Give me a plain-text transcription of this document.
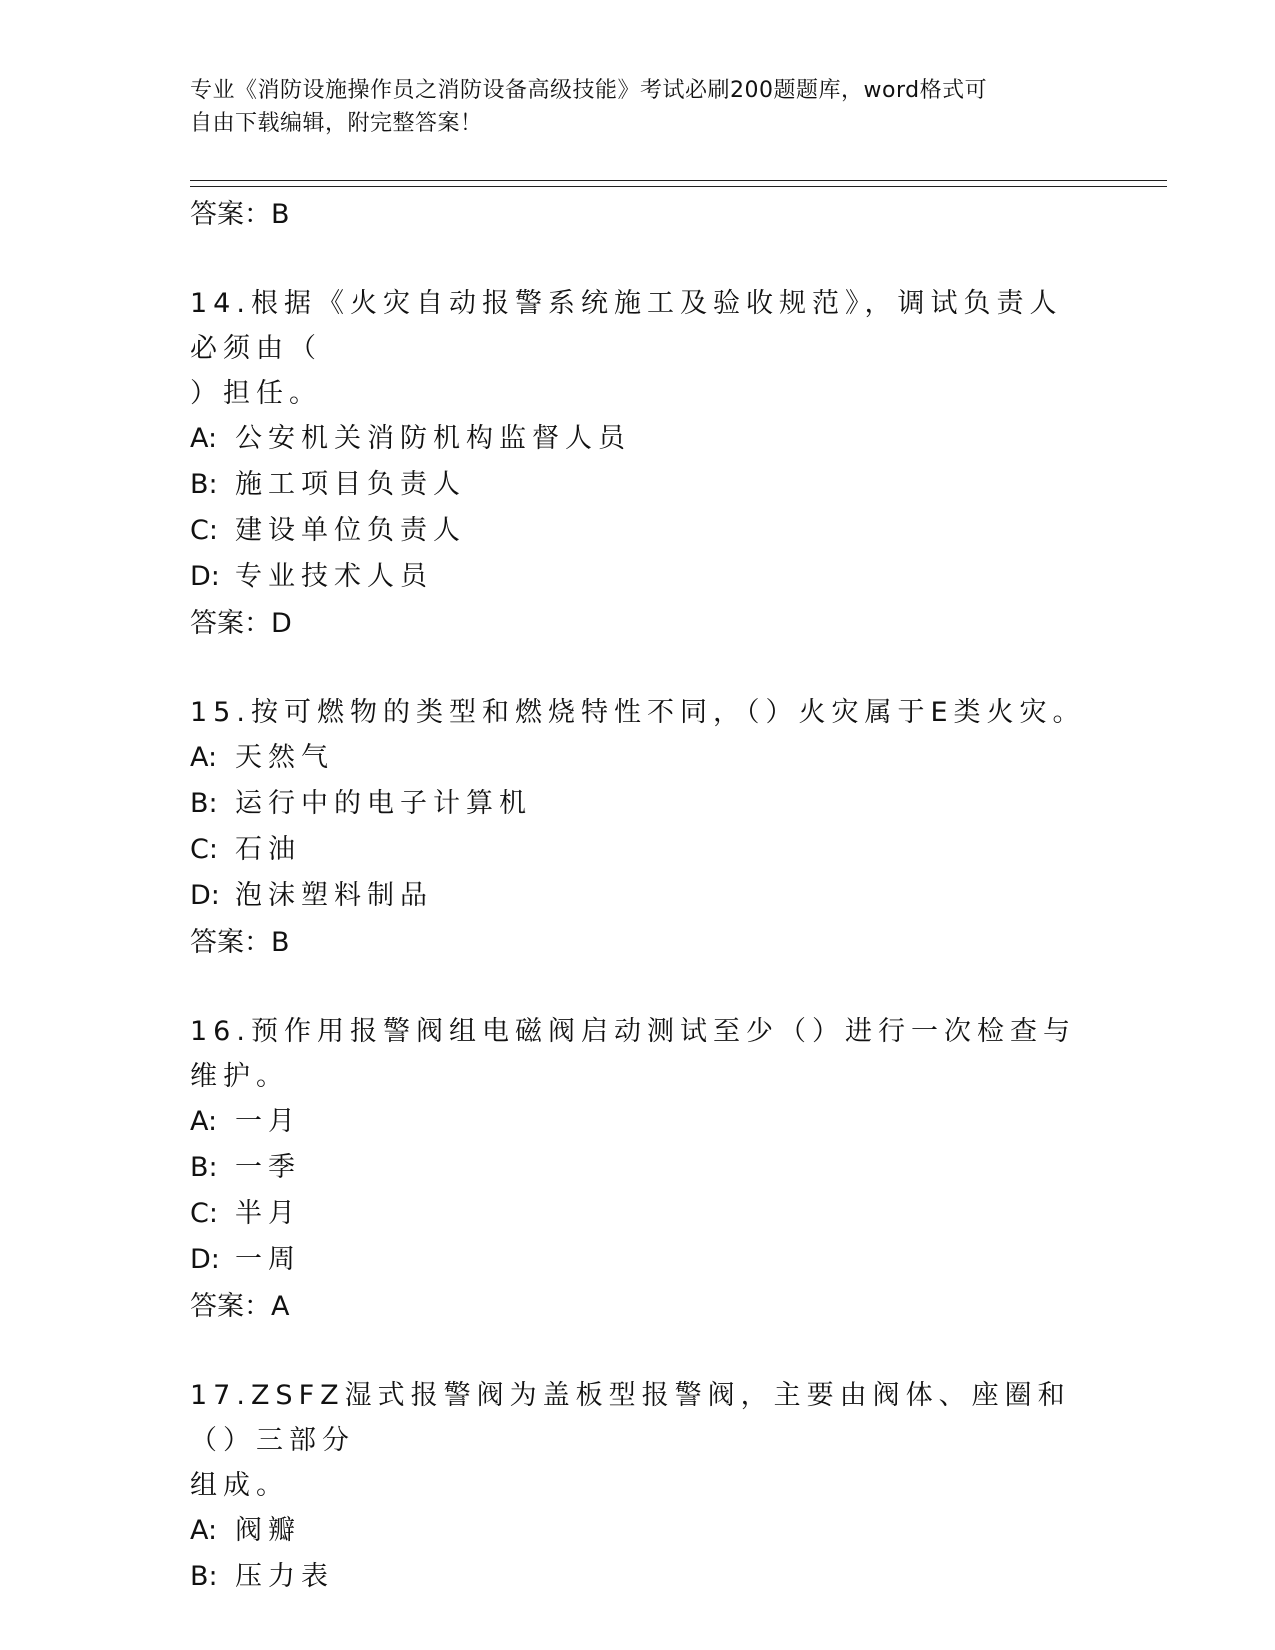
专业《消防设施操作员之消防设备高级技能》考试必刷200题题库，word格式可
自由下载编辑，附完整答案！
答案：B
14.根据《火灾自动报警系统施工及验收规范》，调试负责人必须由（
）担任。
A: 公安机关消防机构监督人员
B: 施工项目负责人
C: 建设单位负责人
D: 专业技术人员
答案：D
15.按可燃物的类型和燃烧特性不同，（）火灾属于E类火灾。
A: 天然气
B: 运行中的电子计算机
C: 石油
D: 泡沫塑料制品
答案：B
16.预作用报警阀组电磁阀启动测试至少（）进行一次检查与维护。
A: 一月
B: 一季
C: 半月
D: 一周
答案：A
17.ZSFZ湿式报警阀为盖板型报警阀，主要由阀体、座圈和（）三部分
组成。
A: 阀瓣
B: 压力表
